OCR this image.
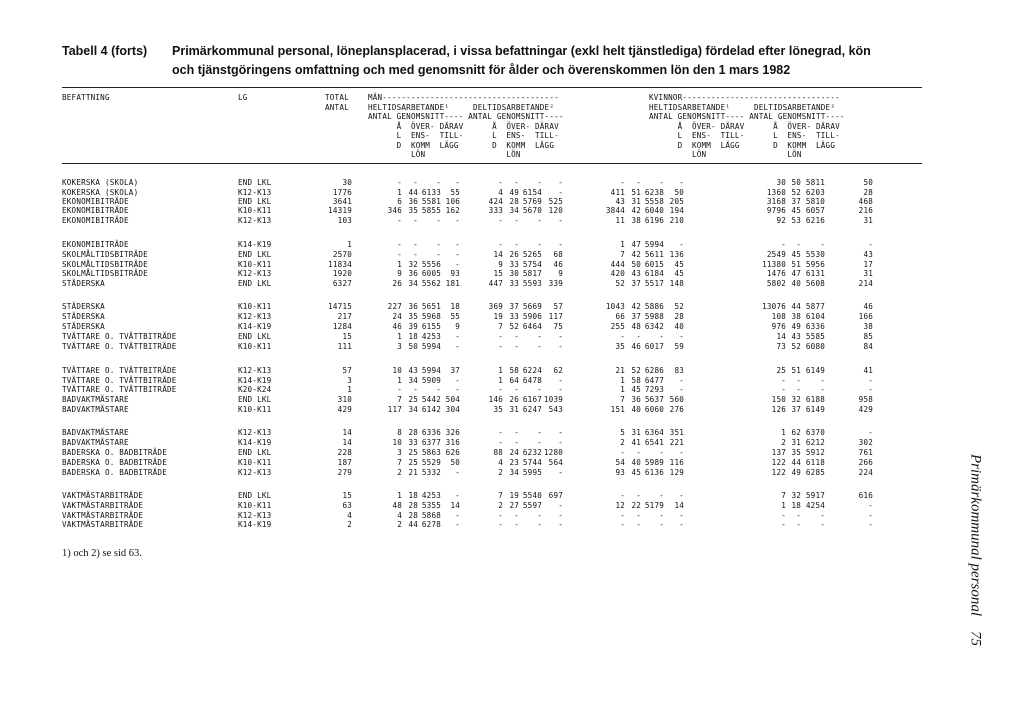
Tabell 4 (forts) Primärkommunal personal, löneplansplacerad, i vissa befattningar (exkl helt tjänstlediga) fördelad efter lönegrad, kön
och tjänstgöringens omfattning och med genomsnitt för ålder och överenskommen lön den 1 mars 1982
BEFATTNING	LG	TOTAL
ANTAL
MÄN-------------------------------------
HELTIDSARBETANDE¹     DELTIDSARBETANDE²
ANTAL GENOMSNITT---- ANTAL GENOMSNITT----
Å  ÖVER- DÄRAV      Å  ÖVER- DÄRAV
L  ENS-  TILL-      L  ENS-  TILL-
D  KOMM  LÄGG       D  KOMM  LÄGG
LÖN                 LÖN
KVINNOR---------------------------------
HELTIDSARBETANDE¹     DELTIDSARBETANDE²
ANTAL GENOMSNITT---- ANTAL GENOMSNITT----
Å  ÖVER- DÄRAV      Å  ÖVER- DÄRAV
L  ENS-  TILL-      L  ENS-  TILL-
D  KOMM  LÄGG       D  KOMM  LÄGG
LÖN                 LÖN
KOKERSKA (SKOLA)	END LKL	30	- - - -	- - - -	- - - -	30 50 5811	50
KOKERSKA (SKOLA)	K12-K13	1776	1 44 6133 55	4 49 6154 -	411 51 6238 50	1360 52 6203	28
EKONOMIBITRÄDE	END LKL	3641	6 36 5581 106	424 28 5769 525	43 31 5558 205	3168 37 5810	468
EKONOMIBITRÄDE	K10-K11	14319	346 35 5855 162	333 34 5670 120	3844 42 6040 194	9796 45 6057	216
EKONOMIBITRÄDE	K12-K13	103	- - - -	- - - -	11 38 6196 210	92 53 6216	31
EKONOMIBITRÄDE	K14-K19	1	- - - -	- - - -	1 47 5994 -	- -	-	-
SKOLMÅLTIDSBITRÄDE	END LKL	2570	- - - -	14 26 5265 68	7 42 5611 136	2549 45 5530	43
SKOLMÅLTIDSBITRÄDE	K10-K11	11834	1 32 5556 -	9 33 5754 46	444 50 6015 45	11380 51 5956	17
SKOLMÅLTIDSBITRÄDE	K12-K13	1920	9 36 6005 93	15 30 5817 9	420 43 6184 45	1476 47 6131	31
STÄDERSKA	END LKL	6327	26 34 5562 181	447 33 5593 339	52 37 5517 148	5802 40 5608	214
STÄDERSKA	K10-K11	14715	227 36 5651 18	369 37 5669 57	1043 42 5886 52	13076 44 5877	46
STÄDERSKA	K12-K13	217	24 35 5968 55	19 33 5906 117	66 37 5988 28	108 38 6104	166
STÄDERSKA	K14-K19	1284	46 39 6155 9	7 52 6464 75	255 48 6342 40	976 49 6336	38
TVÄTTARE O. TVÄTTBITRÄDE	END LKL	15	1 18 4253 -	- - - -	- - - -	14 43 5585	85
TVÄTTARE O. TVÄTTBITRÄDE	K10-K11	111	3 50 5994 -	- - - -	35 46 6017 59	73 52 6080	84
TVÄTTARE O. TVÄTTBITRÄDE	K12-K13	57	10 43 5994 37	1 58 6224 62	21 52 6286 83	25 51 6149	41
TVÄTTARE O. TVÄTTBITRÄDE	K14-K19	3	1 34 5909 -	1 64 6478 -	1 58 6477 -	- -	-	-
TVÄTTARE O. TVÄTTBITRÄDE	K20-K24	1	- - - -	- - - -	1 45 7293 -	- -	-	-
BADVAKTMÄSTARE	END LKL	310	7 25 5442 504	146 26 6167 1039	7 36 5637 560	150 32 6188	958
BADVAKTMÄSTARE	K10-K11	429	117 34 6142 304	35 31 6247 543	151 40 6060 276	126 37 6149	429
BADVAKTMÄSTARE	K12-K13	14	8 28 6336 326	- - - -	5 31 6364 351	1 62 6370	-
BADVAKTMÄSTARE	K14-K19	14	10 33 6377 316	- - - -	2 41 6541 221	2 31 6212	302
BADERSKA O. BADBITRÄDE	END LKL	228	3 25 5863 626	88 24 6232 1280	- - - -	137 35 5912	761
BADERSKA O. BADBITRÄDE	K10-K11	187	7 25 5529 50	4 23 5744 564	54 40 5989 116	122 44 6118	266
BADERSKA O. BADBITRÄDE	K12-K13	279	2 21 5332 -	2 34 5995 -	93 45 6136 129	122 49 6285	224
VAKTMÄSTARBITRÄDE	END LKL	15	1 18 4253 -	7 19 5540 697	- - - -	7 32 5917	616
VAKTMÄSTARBITRÄDE	K10-K11	63	48 28 5355 14	2 27 5597 -	12 22 5179 14	1 18 4254	-
VAKTMÄSTARBITRÄDE	K12-K13	4	4 28 5868 -	- - - -	- - - -	- -	-	-
VAKTMÄSTARBITRÄDE	K14-K19	2	2 44 6278 -	- - - -	- - - -	- -	-	-
1) och 2) se sid 63.	Primärkommunal personal    75
